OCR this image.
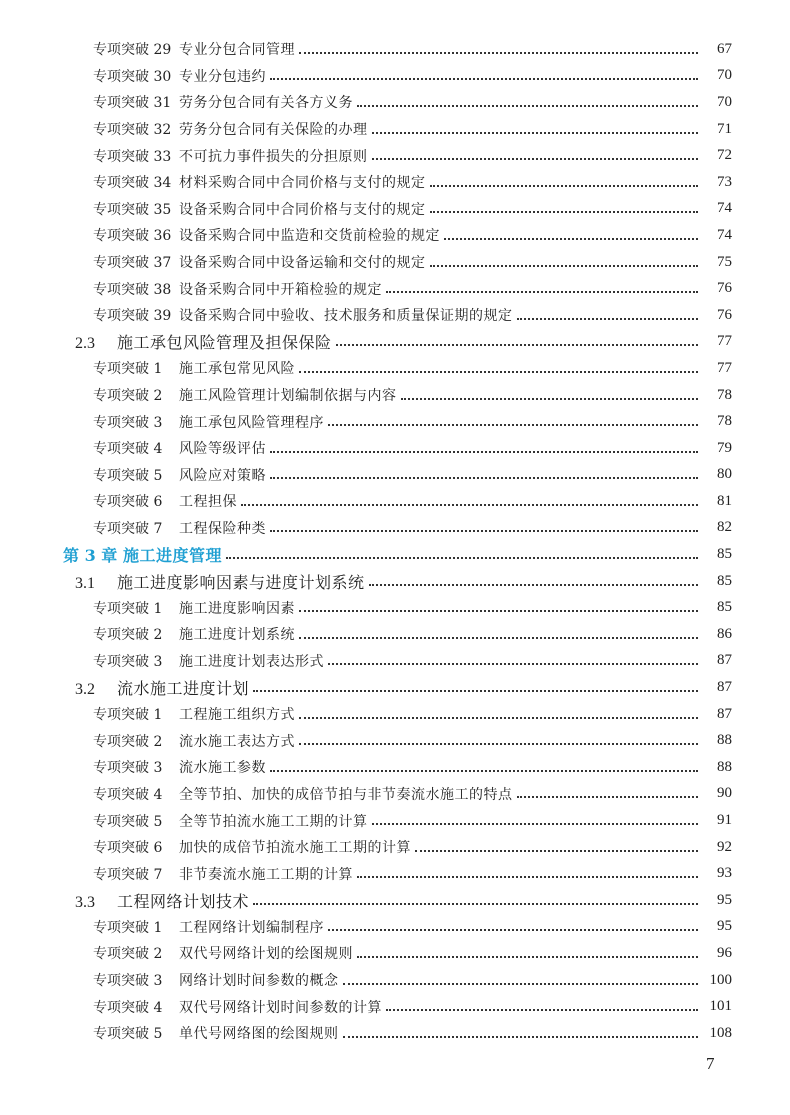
专项突破 29 专业分包合同管理	67
专项突破 30 专业分包违约	70
专项突破 31 劳务分包合同有关各方义务	70
专项突破 32 劳务分包合同有关保险的办理	71
专项突破 33 不可抗力事件损失的分担原则	72
专项突破 34 材料采购合同中合同价格与支付的规定	73
专项突破 35 设备采购合同中合同价格与支付的规定	74
专项突破 36 设备采购合同中监造和交货前检验的规定	74
专项突破 37 设备采购合同中设备运输和交付的规定	75
专项突破 38 设备采购合同中开箱检验的规定	76
专项突破 39 设备采购合同中验收、技术服务和质量保证期的规定	76
2.3 施工承包风险管理及担保保险	77
专项突破 1 施工承包常见风险	77
专项突破 2 施工风险管理计划编制依据与内容	78
专项突破 3 施工承包风险管理程序	78
专项突破 4 风险等级评估	79
专项突破 5 风险应对策略	80
专项突破 6 工程担保	81
专项突破 7 工程保险种类	82
第 3 章 施工进度管理	85
3.1 施工进度影响因素与进度计划系统	85
专项突破 1 施工进度影响因素	85
专项突破 2 施工进度计划系统	86
专项突破 3 施工进度计划表达形式	87
3.2 流水施工进度计划	87
专项突破 1 工程施工组织方式	87
专项突破 2 流水施工表达方式	88
专项突破 3 流水施工参数	88
专项突破 4 全等节拍、加快的成倍节拍与非节奏流水施工的特点	90
专项突破 5 全等节拍流水施工工期的计算	91
专项突破 6 加快的成倍节拍流水施工工期的计算	92
专项突破 7 非节奏流水施工工期的计算	93
3.3 工程网络计划技术	95
专项突破 1 工程网络计划编制程序	95
专项突破 2 双代号网络计划的绘图规则	96
专项突破 3 网络计划时间参数的概念	100
专项突破 4 双代号网络计划时间参数的计算	101
专项突破 5 单代号网络图的绘图规则	108
7
